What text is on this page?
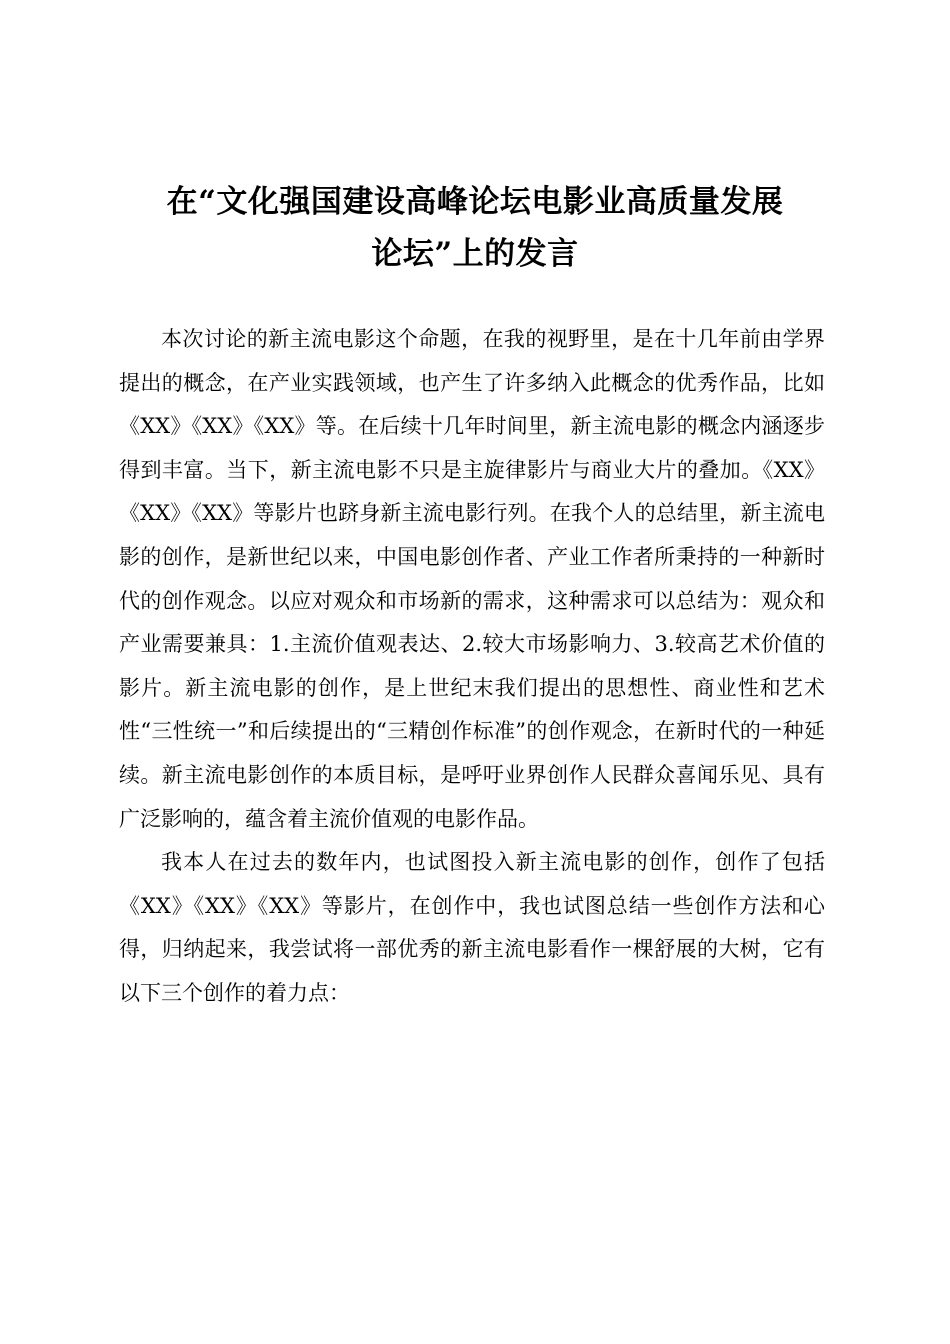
在“文化强国建设高峰论坛电影业高质量发展
论坛”上的发言

本次讨论的新主流电影这个命题，在我的视野里，是在十几年前由学界提出的概念，在产业实践领域，也产生了许多纳入此概念的优秀作品，比如《XX》《XX》《XX》等。在后续十几年时间里，新主流电影的概念内涵逐步得到丰富。当下，新主流电影不只是主旋律影片与商业大片的叠加。《XX》《XX》《XX》等影片也跻身新主流电影行列。在我个人的总结里，新主流电影的创作，是新世纪以来，中国电影创作者、产业工作者所秉持的一种新时代的创作观念。以应对观众和市场新的需求，这种需求可以总结为：观众和产业需要兼具：1.主流价值观表达、2.较大市场影响力、3.较高艺术价值的影片。新主流电影的创作，是上世纪末我们提出的思想性、商业性和艺术性“三性统一”和后续提出的“三精创作标准”的创作观念，在新时代的一种延续。新主流电影创作的本质目标，是呼吁业界创作人民群众喜闻乐见、具有广泛影响的，蕴含着主流价值观的电影作品。

我本人在过去的数年内，也试图投入新主流电影的创作，创作了包括《XX》《XX》《XX》等影片，在创作中，我也试图总结一些创作方法和心得，归纳起来，我尝试将一部优秀的新主流电影看作一棵舒展的大树，它有以下三个创作的着力点：
